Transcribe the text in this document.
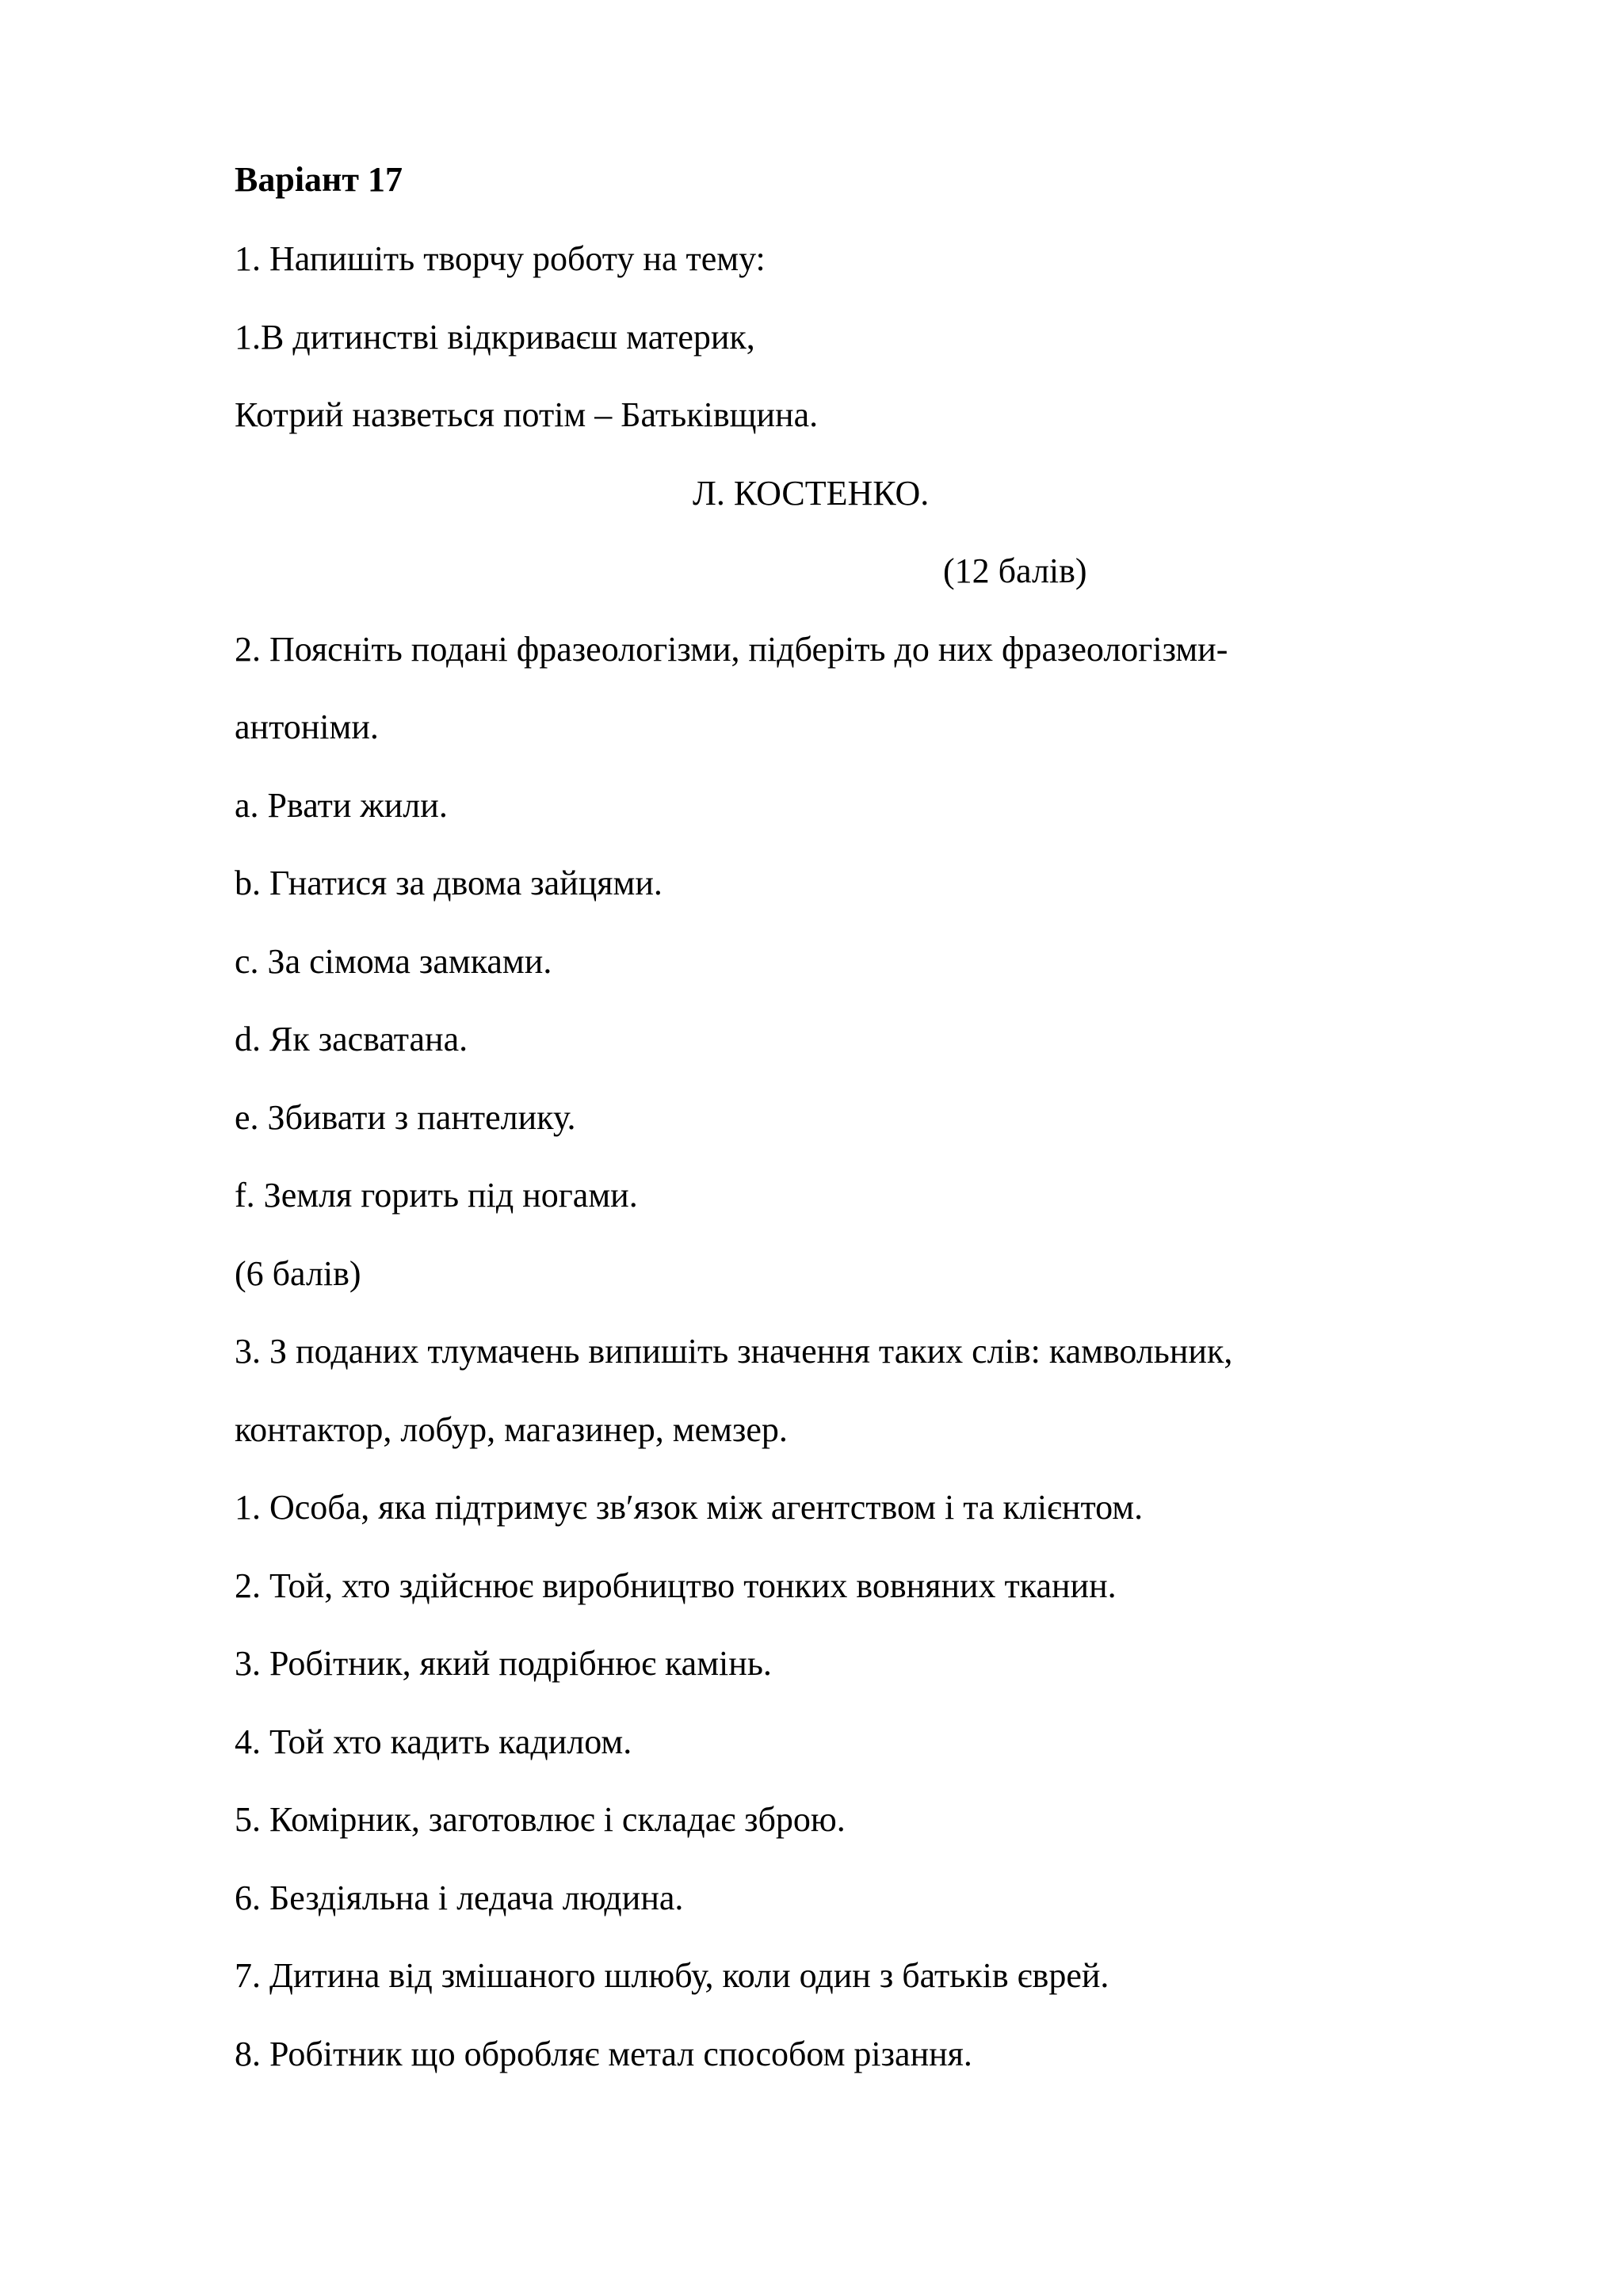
Варіант 17
1. Напишіть творчу роботу на тему:
1.В дитинстві відкриваєш материк,
Котрий назветься потім – Батьківщина.
Л. КОСТЕНКО.
(12 балів)
2. Поясніть подані фразеологізми, підберіть до них фразеологізми-
антоніми.
a. Рвати жили.
b. Гнатися за двома зайцями.
c. За сімома замками.
d. Як засватана.
e. Збивати з пантелику.
f. Земля горить під ногами.
(6 балів)
3. З поданих тлумачень випишіть значення таких слів: камвольник,
контактор, лобур, магазинер, мемзер.
1. Особа, яка підтримує зв′язок між агентством і та клієнтом.
2. Той, хто здійснює виробництво тонких вовняних тканин.
3. Робітник, який подрібнює камінь.
4. Той хто кадить кадилом.
5. Комірник, заготовлює і складає зброю.
6. Бездіяльна і ледача людина.
7. Дитина від змішаного шлюбу, коли один з батьків єврей.
8. Робітник що обробляє метал способом різання.
